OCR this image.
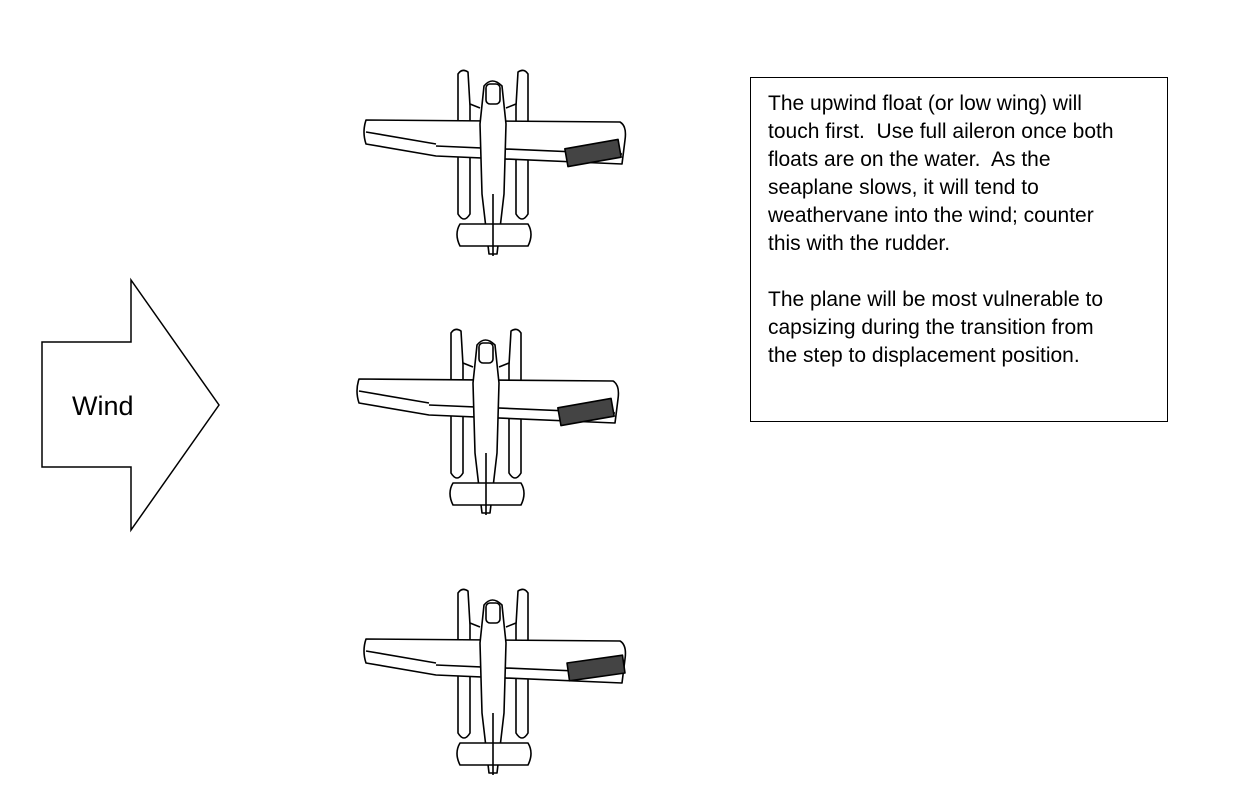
Wind

The upwind float (or low wing) will
touch first.  Use full aileron once both
floats are on the water.  As the
seaplane slows, it will tend to
weathervane into the wind; counter
this with the rudder.

The plane will be most vulnerable to
capsizing during the transition from
the step to displacement position.
